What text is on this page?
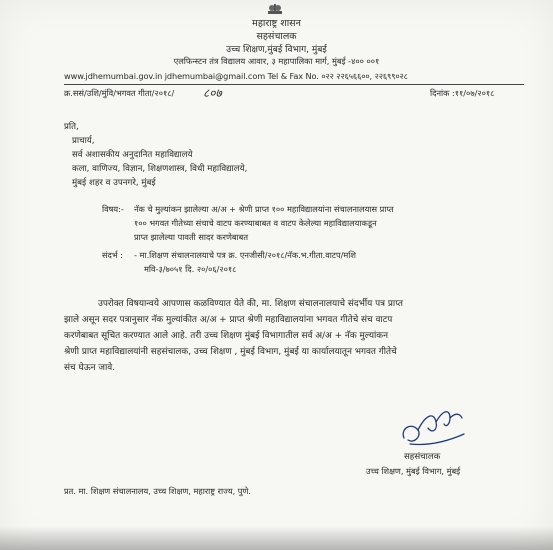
महाराष्ट्र शासन
सहसंचालक
उच्च शिक्षण,मुंबई विभाग, मुंबई
एलफिन्स्टन तंत्र विद्यालय आवार, ३ महापालिका मार्ग, मुंबई -४०० ००१
www.jdhemumbai.gov.in jdhemumbai@gmail.com Tel & Fax No. ०२२ २२६५६६००, २२६९९०२८
क्र.ससं/उशि/मुंवि/भगवत गीता/२०१८/ ८०७	दिनांक :११/०७/२०१८
प्रति,
प्राचार्य,
सर्व अशासकीय अनुदानित महाविद्यालये
कला, वाणिज्य, विज्ञान, शिक्षणशास्त्र, विधी महाविद्यालये,
मुंबई शहर व उपनगरे, मुंबई
विषय:- नॅक चे मुल्यांकन झालेल्या अ/अ + श्रेणी प्राप्त १०० महाविद्यालयांना संचालनालयास प्राप्त
१०० भगवत गीतेच्या संचाचे वाटप करण्याबाबत व वाटप केलेल्या महाविद्यालयाकडून
प्राप्त झालेल्या पावती सादर करणेबाबत
संदर्भ : - मा.शिक्षण संचालनालयाचे पत्र क्र. एनजीसी/२०१८/नॅक.भ.गीता.वाटप/मशि
मवि-३/७०५१ दि. २०/०६/२०१८
उपरोक्त विषयान्वये आपणास कळविण्यात येते की, मा. शिक्षण संचालनालयाचे संदर्भीय पत्र प्राप्त
झाले असून सदर पत्रानुसार नॅक मुल्यांकीत अ/अ + प्राप्त श्रेणी महाविद्यालयांना भगवत गीतेचे संच वाटप
करणेबाबत सूचित करण्यात आले आहे. तरी उच्च शिक्षण मुंबई विभागातील सर्व अ/अ + नॅक मुल्यांकन
श्रेणी प्राप्त महाविद्यालयांनी सहसंचालक, उच्च शिक्षण , मुंबई विभाग, मुंबई या कार्यालयातून भगवत गीतेचे
संच घेऊन जावे.
सहसंचालक
उच्च शिक्षण, मुंबई विभाग, मुंबई
प्रत. मा. शिक्षण संचालनालय, उच्च शिक्षण, महाराष्ट्र राज्य, पुणे.
